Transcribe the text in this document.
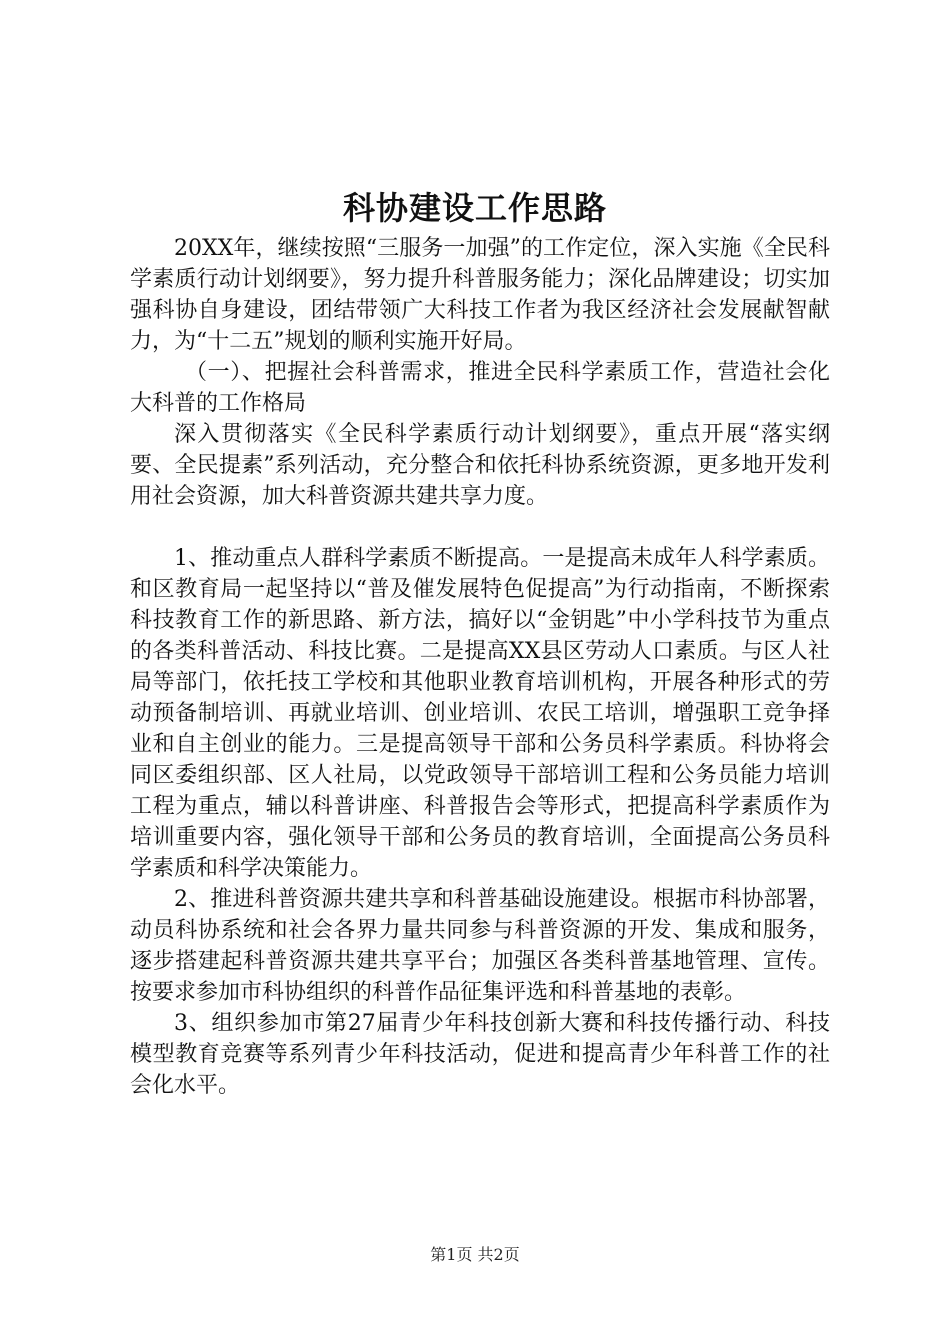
科协建设工作思路

20XX年，继续按照“三服务一加强”的工作定位，深入实施《全民科学素质行动计划纲要》，努力提升科普服务能力；深化品牌建设；切实加强科协自身建设，团结带领广大科技工作者为我区经济社会发展献智献力，为“十二五”规划的顺利实施开好局。

（一）、把握社会科普需求，推进全民科学素质工作，营造社会化大科普的工作格局

深入贯彻落实《全民科学素质行动计划纲要》，重点开展“落实纲要、全民提素”系列活动，充分整合和依托科协系统资源，更多地开发利用社会资源，加大科普资源共建共享力度。

1、推动重点人群科学素质不断提高。一是提高未成年人科学素质。和区教育局一起坚持以“普及催发展特色促提高”为行动指南，不断探索科技教育工作的新思路、新方法，搞好以“金钥匙”中小学科技节为重点的各类科普活动、科技比赛。二是提高XX县区劳动人口素质。与区人社局等部门，依托技工学校和其他职业教育培训机构，开展各种形式的劳动预备制培训、再就业培训、创业培训、农民工培训，增强职工竞争择业和自主创业的能力。三是提高领导干部和公务员科学素质。科协将会同区委组织部、区人社局，以党政领导干部培训工程和公务员能力培训工程为重点，辅以科普讲座、科普报告会等形式，把提高科学素质作为培训重要内容，强化领导干部和公务员的教育培训，全面提高公务员科学素质和科学决策能力。

2、推进科普资源共建共享和科普基础设施建设。根据市科协部署，动员科协系统和社会各界力量共同参与科普资源的开发、集成和服务，逐步搭建起科普资源共建共享平台；加强区各类科普基地管理、宣传。按要求参加市科协组织的科普作品征集评选和科普基地的表彰。

3、组织参加市第27届青少年科技创新大赛和科技传播行动、科技模型教育竞赛等系列青少年科技活动，促进和提高青少年科普工作的社会化水平。

第1页 共2页
